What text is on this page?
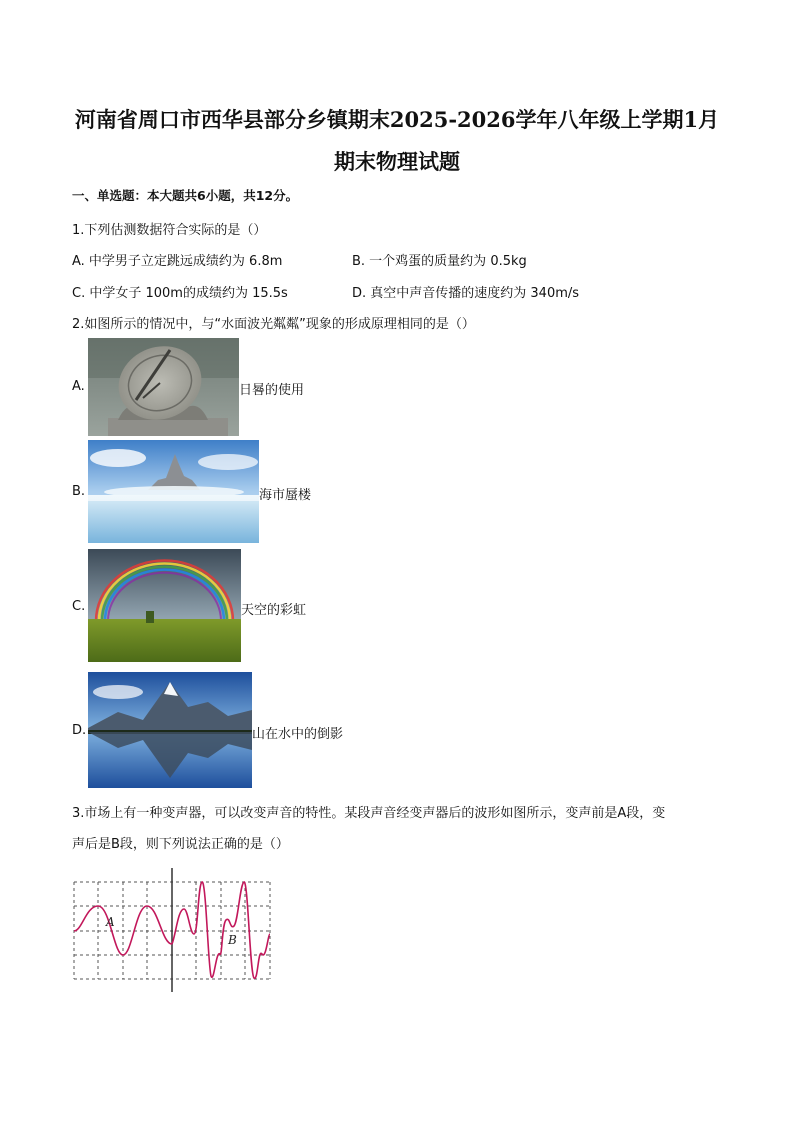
河南省周口市西华县部分乡镇期末2025-2026学年八年级上学期1月
期末物理试题
一、单选题：本大题共6小题，共12分。
1.下列估测数据符合实际的是（）
A. 中学男子立定跳远成绩约为 6.8m	B. 一个鸡蛋的质量约为 0.5kg
C. 中学女子 100m的成绩约为 15.5s	D. 真空中声音传播的速度约为 340m/s
2.如图所示的情况中，与“水面波光粼粼”现象的形成原理相同的是（）
A.	日晷的使用
B.	海市蜃楼
C.	天空的彩虹
D.	山在水中的倒影
3.市场上有一种变声器，可以改变声音的特性。某段声音经变声器后的波形如图所示，变声前是A段，变
声后是B段，则下列说法正确的是（）
A
B
